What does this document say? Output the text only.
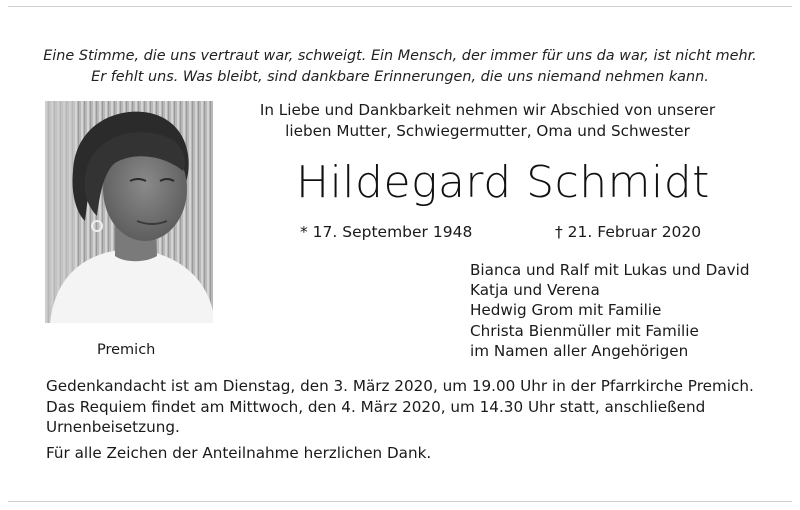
Eine Stimme, die uns vertraut war, schweigt. Ein Mensch, der immer für uns da war, ist nicht mehr.
Er fehlt uns. Was bleibt, sind dankbare Erinnerungen, die uns niemand nehmen kann.
Premich
In Liebe und Dankbarkeit nehmen wir Abschied von unserer
lieben Mutter, Schwiegermutter, Oma und Schwester
Hildegard Schmidt
* 17. September 1948	† 21. Februar 2020
Bianca und Ralf mit Lukas und David
Katja und Verena
Hedwig Grom mit Familie
Christa Bienmüller mit Familie
im Namen aller Angehörigen
Gedenkandacht ist am Dienstag, den 3. März 2020, um 19.00 Uhr in der Pfarrkirche Premich.
Das Requiem findet am Mittwoch, den 4. März 2020, um 14.30 Uhr statt, anschließend
Urnenbeisetzung.
Für alle Zeichen der Anteilnahme herzlichen Dank.
